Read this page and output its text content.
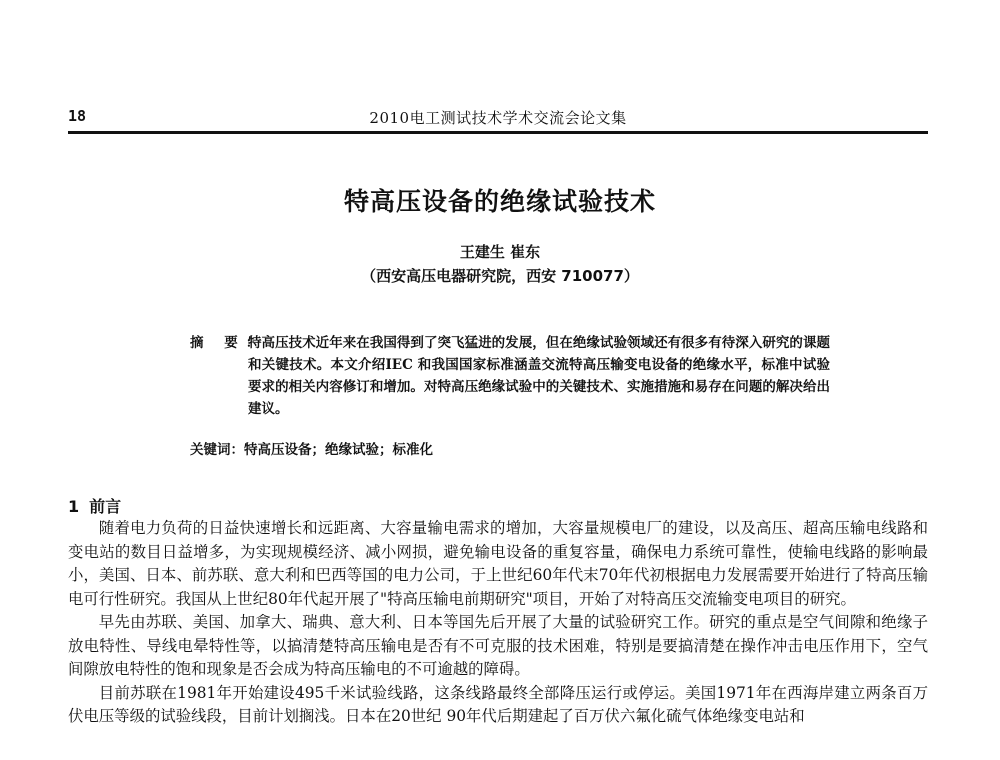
18	2010电工测试技术学术交流会论文集
特高压设备的绝缘试验技术
王建生 崔东
（西安高压电器研究院，西安 710077）
摘 要：
特高压技术近年来在我国得到了突飞猛进的发展，但在绝缘试验领域还有很多有待深入研究的课题和关键技术。本文介绍IEC 和我国国家标准涵盖交流特高压输变电设备的绝缘水平，标准中试验要求的相关内容修订和增加。对特高压绝缘试验中的关键技术、实施措施和易存在问题的解决给出建议。
关键词：特高压设备；绝缘试验；标准化
1 前言

随着电力负荷的日益快速增长和远距离、大容量输电需求的增加，大容量规模电厂的建设，以及高压、超高压输电线路和变电站的数目日益增多，为实现规模经济、减小网损，避免输电设备的重复容量，确保电力系统可靠性，使输电线路的影响最小，美国、日本、前苏联、意大利和巴西等国的电力公司，于上世纪60年代末70年代初根据电力发展需要开始进行了特高压输电可行性研究。我国从上世纪80年代起开展了"特高压输电前期研究"项目，开始了对特高压交流输变电项目的研究。

早先由苏联、美国、加拿大、瑞典、意大利、日本等国先后开展了大量的试验研究工作。研究的重点是空气间隙和绝缘子放电特性、导线电晕特性等，以搞清楚特高压输电是否有不可克服的技术困难，特别是要搞清楚在操作冲击电压作用下，空气间隙放电特性的饱和现象是否会成为特高压输电的不可逾越的障碍。

目前苏联在1981年开始建设495千米试验线路，这条线路最终全部降压运行或停运。美国1971年在西海岸建立两条百万伏电压等级的试验线段，目前计划搁浅。日本在20世纪 90年代后期建起了百万伏六氟化硫气体绝缘变电站和
